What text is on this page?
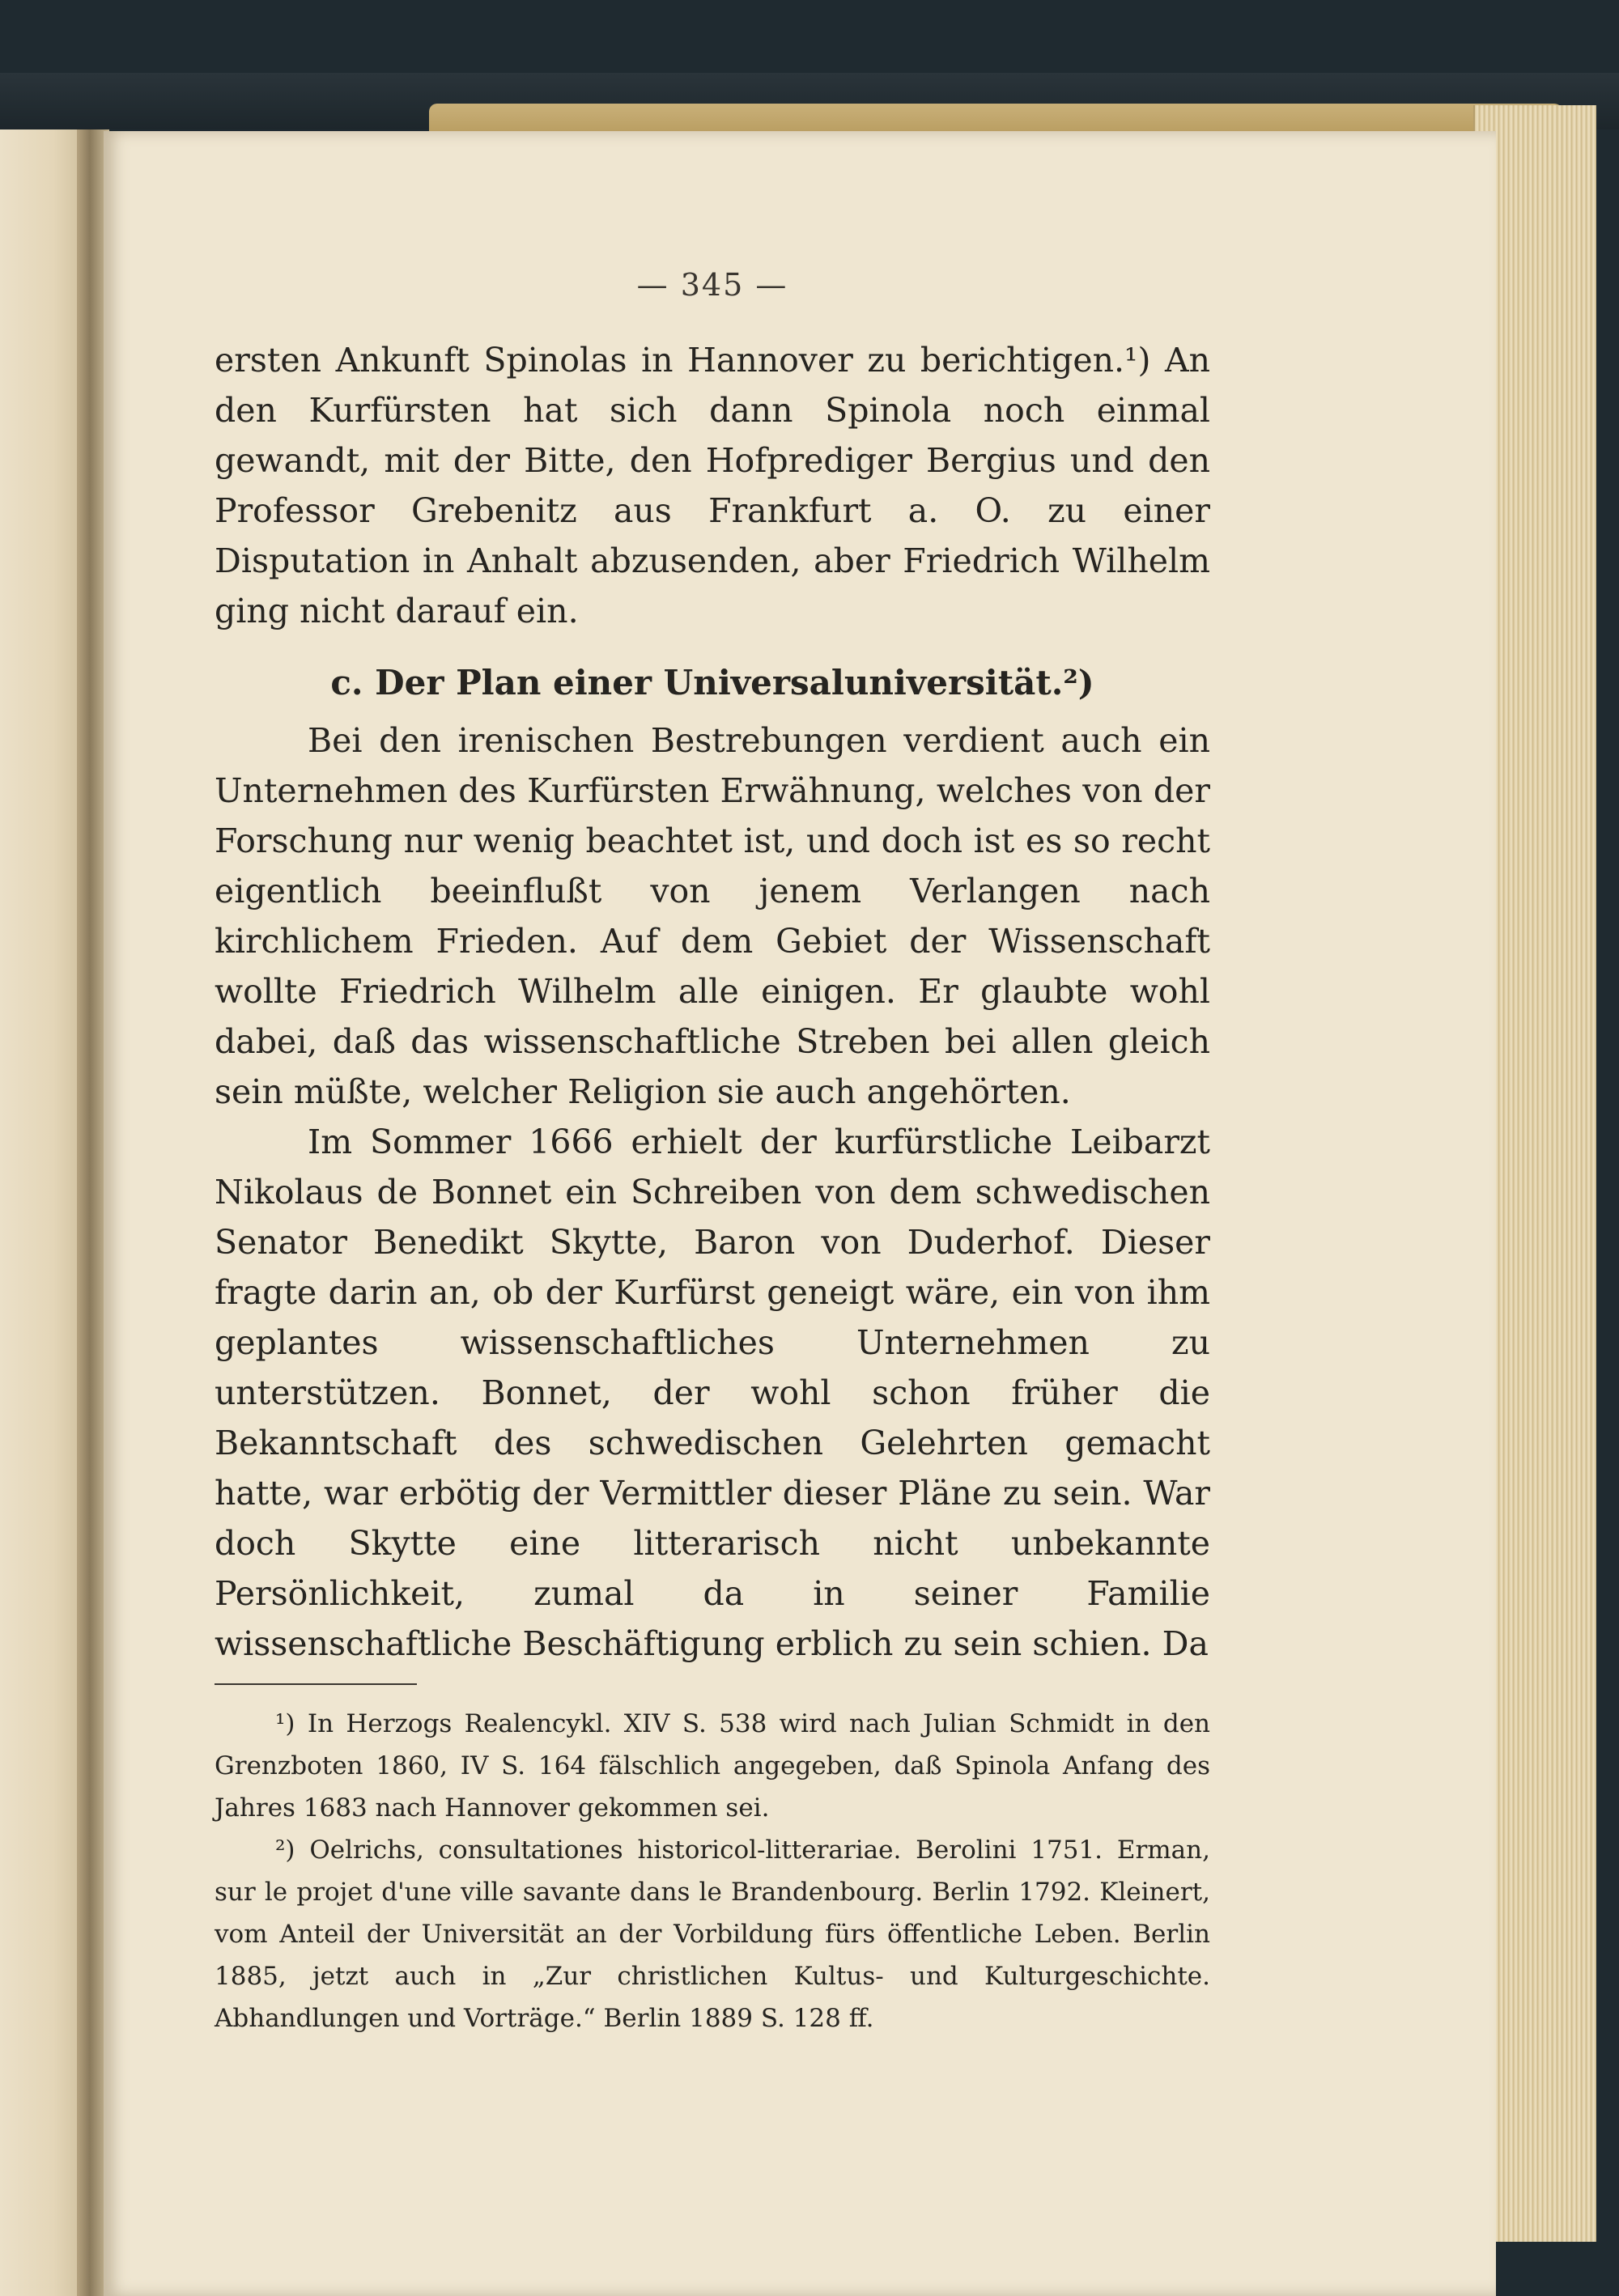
— 345 —

ersten Ankunft Spinolas in Hannover zu berichtigen.¹) An den Kurfürsten hat sich dann Spinola noch einmal gewandt, mit der Bitte, den Hofprediger Bergius und den Professor Grebenitz aus Frankfurt a. O. zu einer Disputation in Anhalt abzusenden, aber Friedrich Wilhelm ging nicht darauf ein.

c. Der Plan einer Universaluniversität.²)

Bei den irenischen Bestrebungen verdient auch ein Unternehmen des Kurfürsten Erwähnung, welches von der Forschung nur wenig beachtet ist, und doch ist es so recht eigentlich beeinflußt von jenem Verlangen nach kirchlichem Frieden. Auf dem Gebiet der Wissenschaft wollte Friedrich Wilhelm alle einigen. Er glaubte wohl dabei, daß das wissenschaftliche Streben bei allen gleich sein müßte, welcher Religion sie auch angehörten.

Im Sommer 1666 erhielt der kurfürstliche Leibarzt Nikolaus de Bonnet ein Schreiben von dem schwedischen Senator Benedikt Skytte, Baron von Duderhof. Dieser fragte darin an, ob der Kurfürst geneigt wäre, ein von ihm geplantes wissenschaftliches Unternehmen zu unterstützen. Bonnet, der wohl schon früher die Bekanntschaft des schwedischen Gelehrten gemacht hatte, war erbötig der Vermittler dieser Pläne zu sein. War doch Skytte eine litterarisch nicht unbekannte Persönlichkeit, zumal da in seiner Familie wissenschaftliche Beschäftigung erblich zu sein schien. Da

¹) In Herzogs Realencykl. XIV S. 538 wird nach Julian Schmidt in den Grenzboten 1860, IV S. 164 fälschlich angegeben, daß Spinola Anfang des Jahres 1683 nach Hannover gekommen sei.

²) Oelrichs, consultationes historicol-litterariae. Berolini 1751. Erman, sur le projet d'une ville savante dans le Brandenbourg. Berlin 1792. Kleinert, vom Anteil der Universität an der Vorbildung fürs öffentliche Leben. Berlin 1885, jetzt auch in „Zur christlichen Kultus- und Kulturgeschichte. Abhandlungen und Vorträge.“ Berlin 1889 S. 128 ff.
